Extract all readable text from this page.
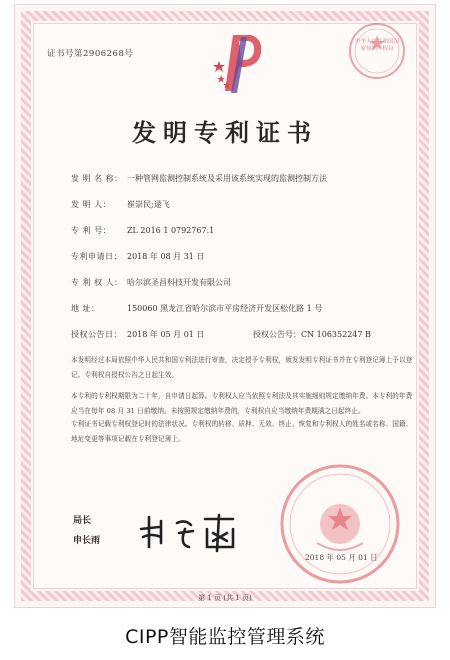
证书号第2906268号
中华人民共和国国家知识产权局
发明专利证书
发 明 名 称： 一种管网监测控制系统及采用该系统实现的监测控制方法
发 明 人： 崔崇民;逯飞
专 利 号： ZL 2016 1 0792767.1
专利申请日： 2018 年 08 月 31 日
专 利 权 人： 哈尔滨圣昌科技开发有限公司
地 址：	150060 黑龙江省哈尔滨市平房经济开发区松化路 1 号
授权公告日： 2018 年 05 月 01 日	授权公告号：CN 106352247 B
本发明经过本局依照中华人民共和国专利法进行审查，决定授予专利权，颁发发明专利证书并在专利登记簿上予以登记。专利权自授权公告之日起生效。
本专利的专利权期限为二十年，自申请日起算。专利权人应当依照专利法及其实施细则规定缴纳年费。本专利的年费应当在每年 08 月 31 日前缴纳。未按照规定缴纳年费的，专利权自应当缴纳年费期满之日起终止。
专利证书记载专利权登记时的法律状况。专利权的转移、质押、无效、终止、恢复和专利权人的姓名或名称、国籍、地址变更等事项记载在专利登记簿上。
2018 年 05 月 01 日
局长
申长雨
第 1 页 (共 1 页)
CIPP智能监控管理系统
